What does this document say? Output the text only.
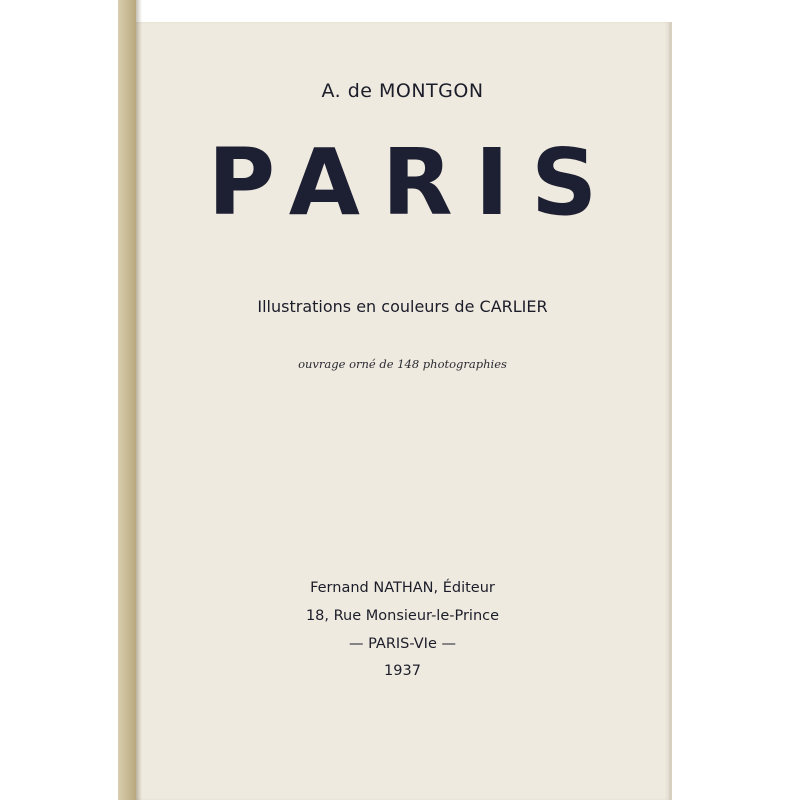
A. de MONTGON

PARIS

Illustrations en couleurs de CARLIER

ouvrage orné de 148 photographies

Fernand NATHAN, Éditeur

18, Rue Monsieur-le-Prince

— PARIS-VIe —

1937
